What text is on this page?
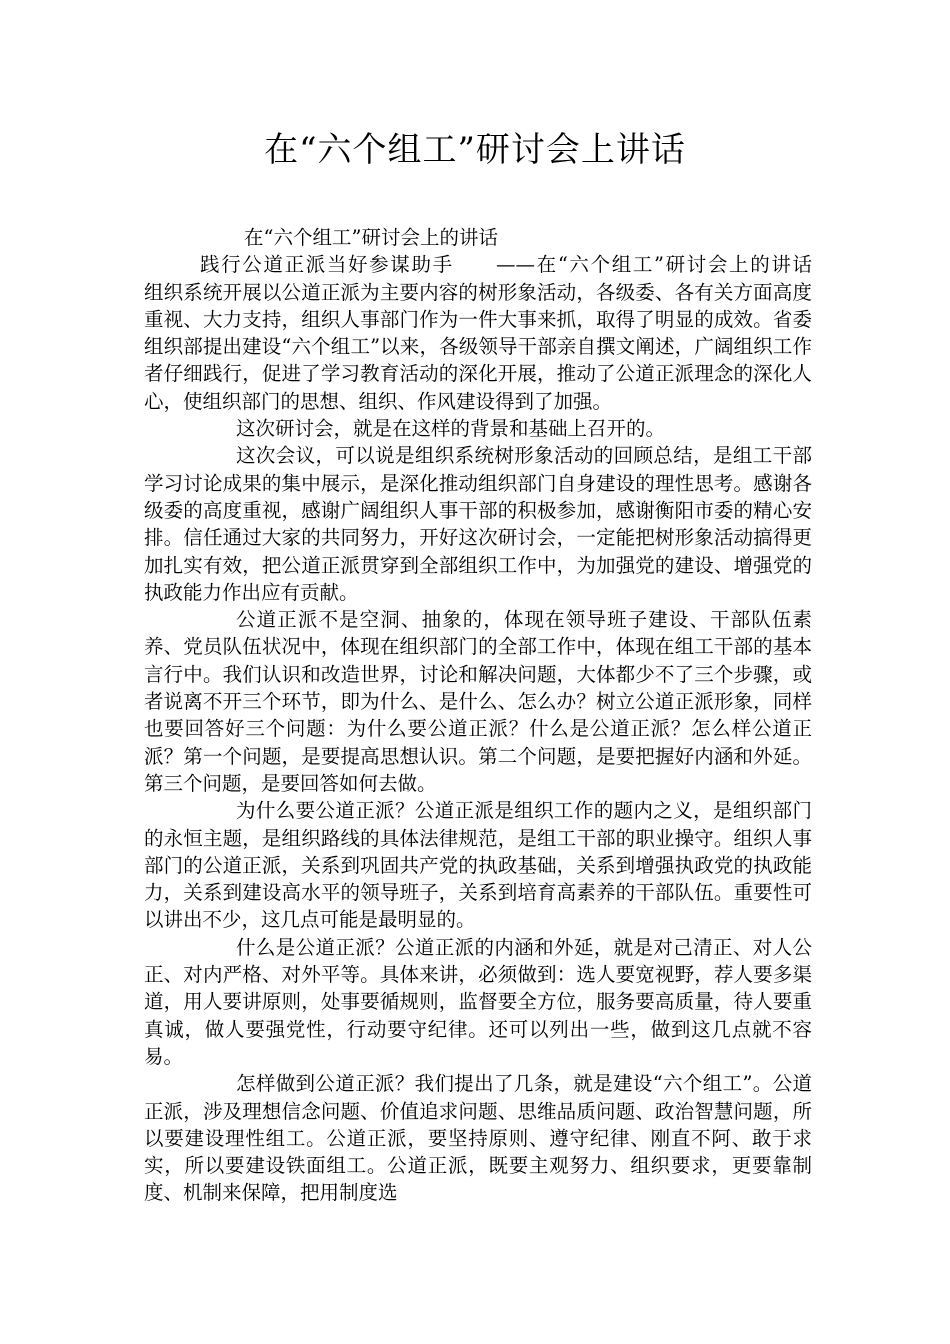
在“六个组工”研讨会上讲话

在“六个组工”研讨会上的讲话

践行公道正派当好参谋助手　　——在“六个组工”研讨会上的讲话　　组织系统开展以公道正派为主要内容的树形象活动，各级委、各有关方面高度重视、大力支持，组织人事部门作为一件大事来抓，取得了明显的成效。省委组织部提出建设“六个组工”以来，各级领导干部亲自撰文阐述，广阔组织工作者仔细践行，促进了学习教育活动的深化开展，推动了公道正派理念的深化人心，使组织部门的思想、组织、作风建设得到了加强。

这次研讨会，就是在这样的背景和基础上召开的。

这次会议，可以说是组织系统树形象活动的回顾总结，是组工干部学习讨论成果的集中展示，是深化推动组织部门自身建设的理性思考。感谢各级委的高度重视，感谢广阔组织人事干部的积极参加，感谢衡阳市委的精心安排。信任通过大家的共同努力，开好这次研讨会，一定能把树形象活动搞得更加扎实有效，把公道正派贯穿到全部组织工作中，为加强党的建设、增强党的执政能力作出应有贡献。

公道正派不是空洞、抽象的，体现在领导班子建设、干部队伍素养、党员队伍状况中，体现在组织部门的全部工作中，体现在组工干部的基本言行中。我们认识和改造世界，讨论和解决问题，大体都少不了三个步骤，或者说离不开三个环节，即为什么、是什么、怎么办？树立公道正派形象，同样也要回答好三个问题：为什么要公道正派？什么是公道正派？怎么样公道正派？第一个问题，是要提高思想认识。第二个问题，是要把握好内涵和外延。第三个问题，是要回答如何去做。

为什么要公道正派？公道正派是组织工作的题内之义，是组织部门的永恒主题，是组织路线的具体法律规范，是组工干部的职业操守。组织人事部门的公道正派，关系到巩固共产党的执政基础，关系到增强执政党的执政能力，关系到建设高水平的领导班子，关系到培育高素养的干部队伍。重要性可以讲出不少，这几点可能是最明显的。

什么是公道正派？公道正派的内涵和外延，就是对己清正、对人公正、对内严格、对外平等。具体来讲，必须做到：选人要宽视野，荐人要多渠道，用人要讲原则，处事要循规则，监督要全方位，服务要高质量，待人要重真诚，做人要强党性，行动要守纪律。还可以列出一些，做到这几点就不容易。

怎样做到公道正派？我们提出了几条，就是建设“六个组工”。公道正派，涉及理想信念问题、价值追求问题、思维品质问题、政治智慧问题，所以要建设理性组工。公道正派，要坚持原则、遵守纪律、刚直不阿、敢于求实，所以要建设铁面组工。公道正派，既要主观努力、组织要求，更要靠制度、机制来保障，把用制度选
